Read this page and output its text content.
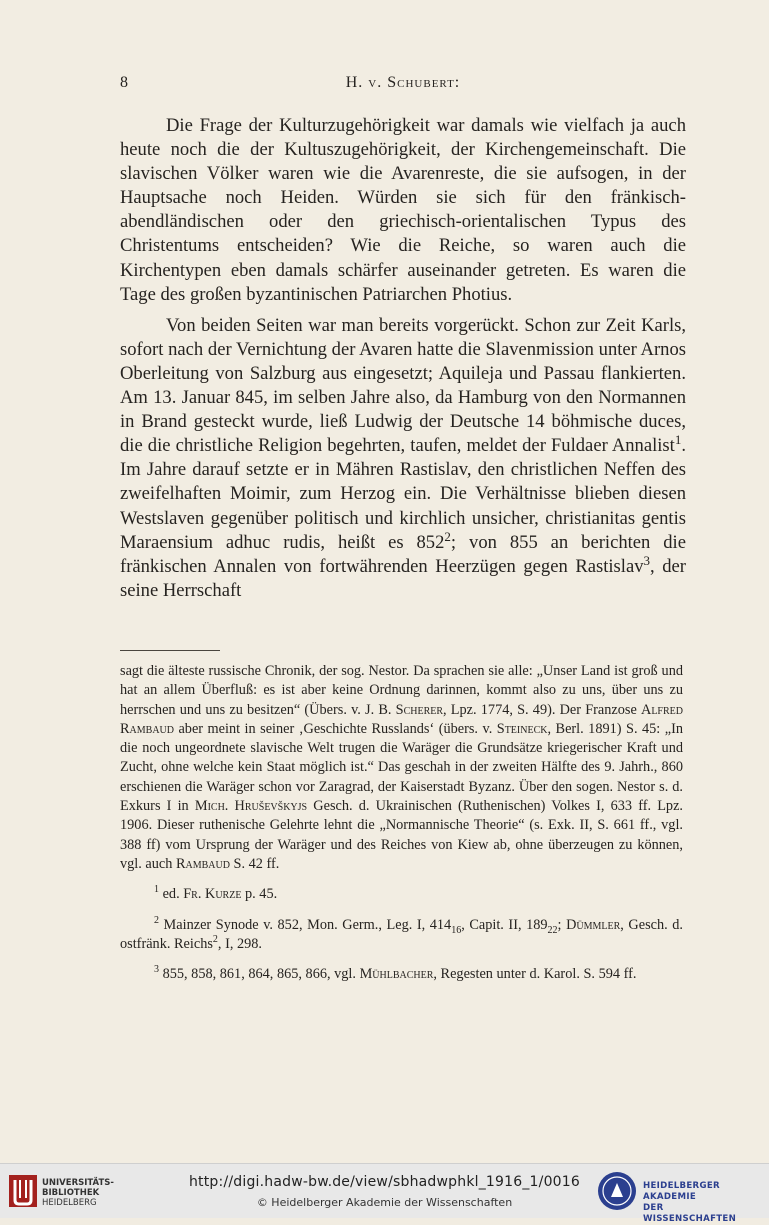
8	H. v. Schubert:

Die Frage der Kulturzugehörigkeit war damals wie vielfach ja auch heute noch die der Kultuszugehörigkeit, der Kirchengemeinschaft. Die slavischen Völker waren wie die Avarenreste, die sie aufsogen, in der Hauptsache noch Heiden. Würden sie sich für den fränkisch-abendländischen oder den griechisch-orientalischen Typus des Christentums entscheiden? Wie die Reiche, so waren auch die Kirchentypen eben damals schärfer auseinander getreten. Es waren die Tage des großen byzantinischen Patriarchen Photius.

Von beiden Seiten war man bereits vorgerückt. Schon zur Zeit Karls, sofort nach der Vernichtung der Avaren hatte die Slavenmission unter Arnos Oberleitung von Salzburg aus eingesetzt; Aquileja und Passau flankierten. Am 13. Januar 845, im selben Jahre also, da Hamburg von den Normannen in Brand gesteckt wurde, ließ Ludwig der Deutsche 14 böhmische duces, die die christliche Religion begehrten, taufen, meldet der Fuldaer Annalist$^1$. Im Jahre darauf setzte er in Mähren Rastislav, den christlichen Neffen des zweifelhaften Moimir, zum Herzog ein. Die Verhältnisse blieben diesen Westslaven gegenüber politisch und kirchlich unsicher, christianitas gentis Maraensium adhuc rudis, heißt es $852^2$; von 855 an berichten die fränkischen Annalen von fortwährenden Heerzügen gegen Rastislav$^3$, der seine Herrschaft

sagt die älteste russische Chronik, der sog. Nestor. Da sprachen sie alle: „Unser Land ist groß und hat an allem Überfluß: es ist aber keine Ordnung darinnen, kommt also zu uns, über uns zu herrschen und uns zu besitzen“ (Übers. v. J. B. Scherer, Lpz. 1774, S. 49). Der Franzose Alfred Rambaud aber meint in seiner ‚Geschichte Russlands‘ (übers. v. Steineck, Berl. 1891) S. 45: „In die noch ungeordnete slavische Welt trugen die Waräger die Grundsätze kriegerischer Kraft und Zucht, ohne welche kein Staat möglich ist.“ Das geschah in der zweiten Hälfte des 9. Jahrh., 860 erschienen die Waräger schon vor Zaragrad, der Kaiserstadt Byzanz. Über den sogen. Nestor s. d. Exkurs I in Mich. Hruševškyjs Gesch. d. Ukrainischen (Ruthenischen) Volkes I, 633 ff. Lpz. 1906. Dieser ruthenische Gelehrte lehnt die „Normannische Theorie“ (s. Exk. II, S. 661 ff., vgl. 388 ff) vom Ursprung der Waräger und des Reiches von Kiew ab, ohne überzeugen zu können, vgl. auch Rambaud S. 42 ff.

$^1$ ed. Fr. Kurze p. 45.

$^2$ Mainzer Synode v. 852, Mon. Germ., Leg. I, $414_{16}$, Capit. II, $189_{22}$; Dümmler, Gesch. d. ostfränk. Reichs$^2$, I, 298.

$^3$ 855, 858, 861, 864, 865, 866, vgl. Mühlbacher, Regesten unter d. Karol. S. 594 ff.

UNIVERSITÄTS-
BIBLIOTHEK
HEIDELBERG
http://digi.hadw-bw.de/view/sbhadwphkl_1916_1/0016
© Heidelberger Akademie der Wissenschaften
HEIDELBERGER AKADEMIE
DER WISSENSCHAFTEN
